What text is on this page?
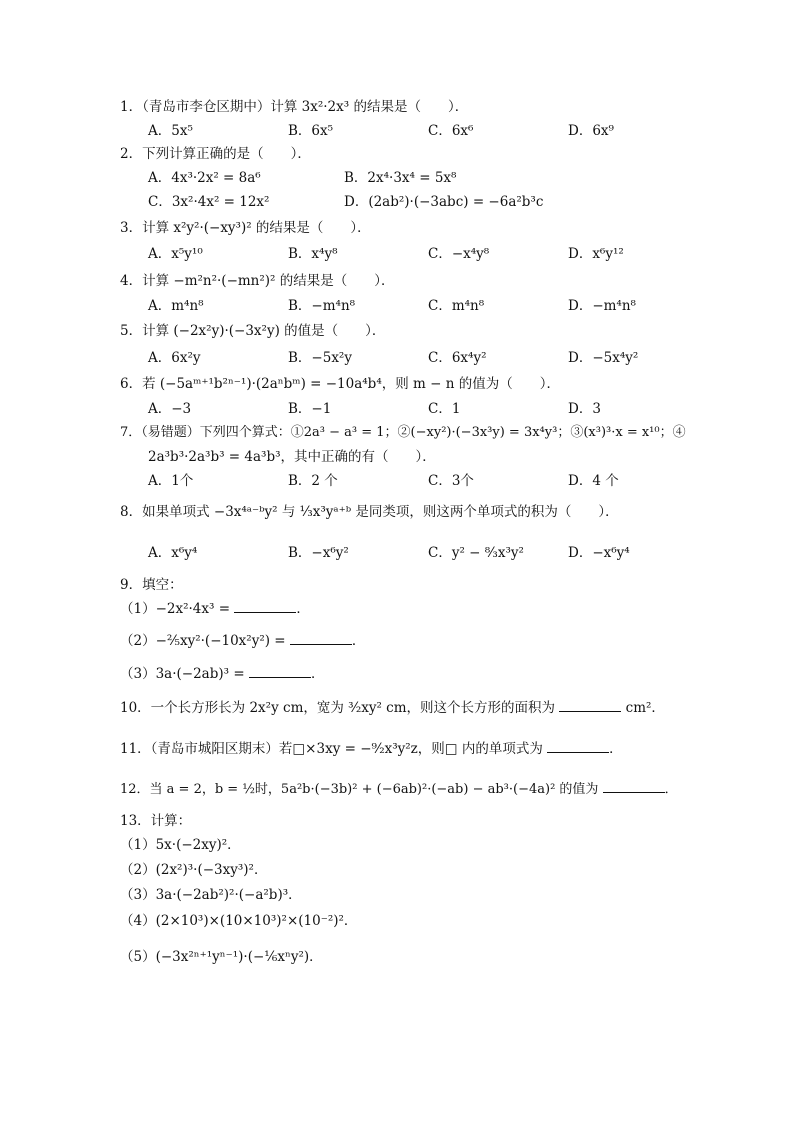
1．（青岛市李仓区期中）计算 3x²·2x³ 的结果是（　　）．
A．5x⁵	B．6x⁵	C．6x⁶	D．6x⁹
2．下列计算正确的是（　　）．
A．4x³·2x² = 8a⁶	B．2x⁴·3x⁴ = 5x⁸
C．3x²·4x² = 12x²	D．(2ab²)·(−3abc) = −6a²b³c
3．计算 x²y²·(−xy³)² 的结果是（　　）．
A．x⁵y¹⁰	B．x⁴y⁸	C．−x⁴y⁸	D．x⁶y¹²
4．计算 −m²n²·(−mn²)² 的结果是（　　）．
A．m⁴n⁸	B．−m⁴n⁸	C．m⁴n⁸	D．−m⁴n⁸
5．计算 (−2x²y)·(−3x²y) 的值是（　　）．
A．6x²y	B．−5x²y	C．6x⁴y²	D．−5x⁴y²
6．若 (−5aᵐ⁺¹b²ⁿ⁻¹)·(2aⁿbᵐ) = −10a⁴b⁴，则 m − n 的值为（　　）．
A．−3	B．−1	C．1	D．3
7．（易错题）下列四个算式：①2a³ − a³ = 1；②(−xy²)·(−3x³y) = 3x⁴y³；③(x³)³·x = x¹⁰；④
2a³b³·2a³b³ = 4a³b³，其中正确的有（　　）．
A．1个	B．2 个	C．3个	D．4 个
8．如果单项式 −3x⁴ᵃ⁻ᵇy² 与 ⅓x³yᵃ⁺ᵇ 是同类项，则这两个单项式的积为（　　）．
A．x⁶y⁴	B．−x⁶y²	C．y² − ⁸⁄₃x³y²	D．−x⁶y⁴
9．填空：
（1）−2x²·4x³ =	．
（2）−⅖xy²·(−10x²y²) =	．
（3）3a·(−2ab)³ =	．
10．一个长方形长为 2x²y cm，宽为 ³⁄₂xy² cm，则这个长方形的面积为	cm²．
11．（青岛市城阳区期末）若□×3xy = −⁹⁄₂x³y²z，则□ 内的单项式为	．
12．当 a = 2，b = ½时，5a²b·(−3b)² + (−6ab)²·(−ab) − ab³·(−4a)² 的值为	．
13．计算：
（1）5x·(−2xy)²．
（2）(2x²)³·(−3xy³)²．
（3）3a·(−2ab²)²·(−a²b)³．
（4）(2×10³)×(10×10³)²×(10⁻²)²．
（5）(−3x²ⁿ⁺¹yⁿ⁻¹)·(−⅙xⁿy²)．
